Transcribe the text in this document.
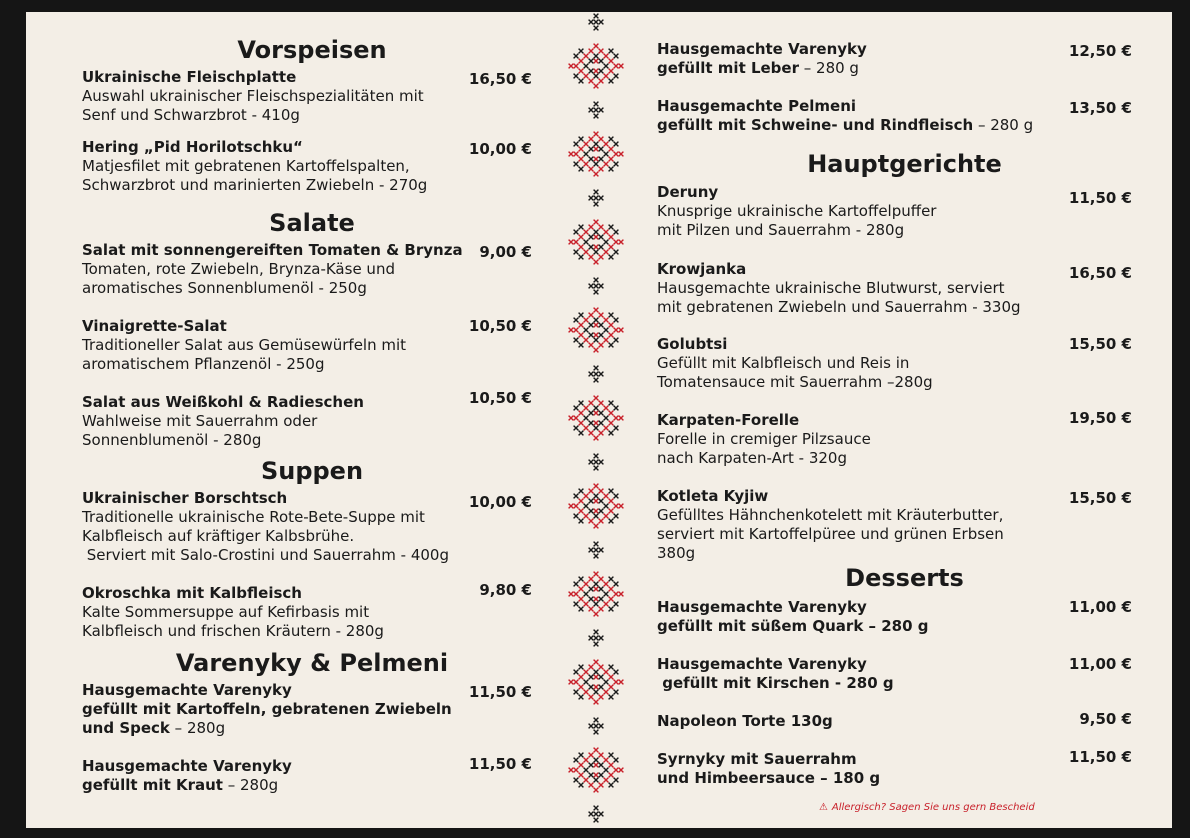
Vorspeisen
Ukrainische Fleischplatte
Auswahl ukrainischer Fleischspezialitäten mit
Senf und Schwarzbrot - 410g
16,50 €
Hering „Pid Horilotschku“
Matjesfilet mit gebratenen Kartoffelspalten,
Schwarzbrot und marinierten Zwiebeln - 270g
10,00 €
Salate
Salat mit sonnengereiften Tomaten & Brynza
Tomaten, rote Zwiebeln, Brynza-Käse und
aromatisches Sonnenblumenöl - 250g
9,00 €
Vinaigrette-Salat
Traditioneller Salat aus Gemüsewürfeln mit
aromatischem Pflanzenöl - 250g
10,50 €
Salat aus Weißkohl & Radieschen
Wahlweise mit Sauerrahm oder
Sonnenblumenöl - 280g
10,50 €
Suppen
Ukrainischer Borschtsch
Traditionelle ukrainische Rote-Bete-Suppe mit
Kalbfleisch auf kräftiger Kalbsbrühe.
Serviert mit Salo-Crostini und Sauerrahm - 400g
10,00 €
Okroschka mit Kalbfleisch
Kalte Sommersuppe auf Kefirbasis mit
Kalbfleisch und frischen Kräutern - 280g
9,80 €
Varenyky & Pelmeni
Hausgemachte Varenyky
gefüllt mit Kartoffeln, gebratenen Zwiebeln
und Speck – 280g
11,50 €
Hausgemachte Varenyky
gefüllt mit Kraut – 280g
11,50 €
Hausgemachte Varenyky
gefüllt mit Leber – 280 g
12,50 €
Hausgemachte Pelmeni
gefüllt mit Schweine- und Rindfleisch – 280 g
13,50 €
Hauptgerichte
Deruny
Knusprige ukrainische Kartoffelpuffer
mit Pilzen und Sauerrahm - 280g
11,50 €
Krowjanka
Hausgemachte ukrainische Blutwurst, serviert
mit gebratenen Zwiebeln und Sauerrahm - 330g
16,50 €
Golubtsi
Gefüllt mit Kalbfleisch und Reis in
Tomatensauce mit Sauerrahm –280g
15,50 €
Karpaten-Forelle
Forelle in cremiger Pilzsauce
nach Karpaten-Art - 320g
19,50 €
Kotleta Kyjiw
Gefülltes Hähnchenkotelett mit Kräuterbutter,
serviert mit Kartoffelpüree und grünen Erbsen
380g
15,50 €
Desserts
Hausgemachte Varenyky
gefüllt mit süßem Quark – 280 g
11,00 €
Hausgemachte Varenyky
gefüllt mit Kirschen - 280 g
11,00 €
Napoleon Torte 130g	9,50 €
Syrnyky mit Sauerrahm
und Himbeersauce – 180 g
11,50 €
⚠ Allergisch? Sagen Sie uns gern Bescheid
